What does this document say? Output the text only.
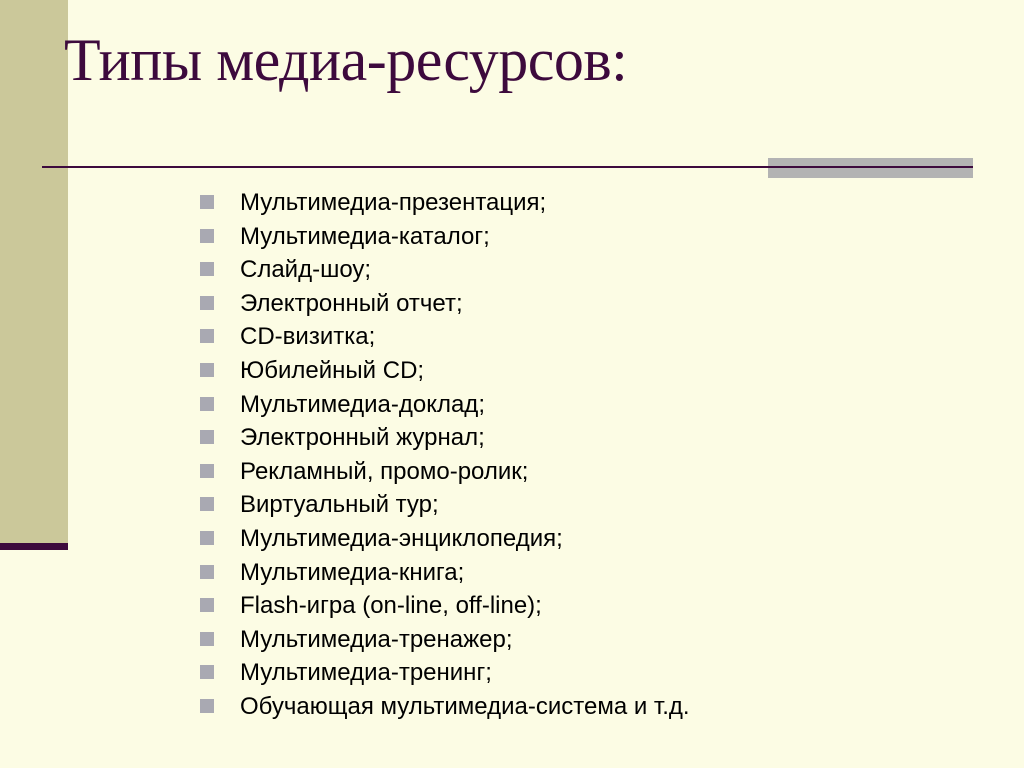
Типы медиа-ресурсов:
Мультимедиа-презентация;
Мультимедиа-каталог;
Слайд-шоу;
Электронный отчет;
CD-визитка;
Юбилейный CD;
Мультимедиа-доклад;
Электронный журнал;
Рекламный, промо-ролик;
Виртуальный тур;
Мультимедиа-энциклопедия;
Мультимедиа-книга;
Flash-игра (on-line, off-line);
Мультимедиа-тренажер;
Мультимедиа-тренинг;
Обучающая мультимедиа-система и т.д.
